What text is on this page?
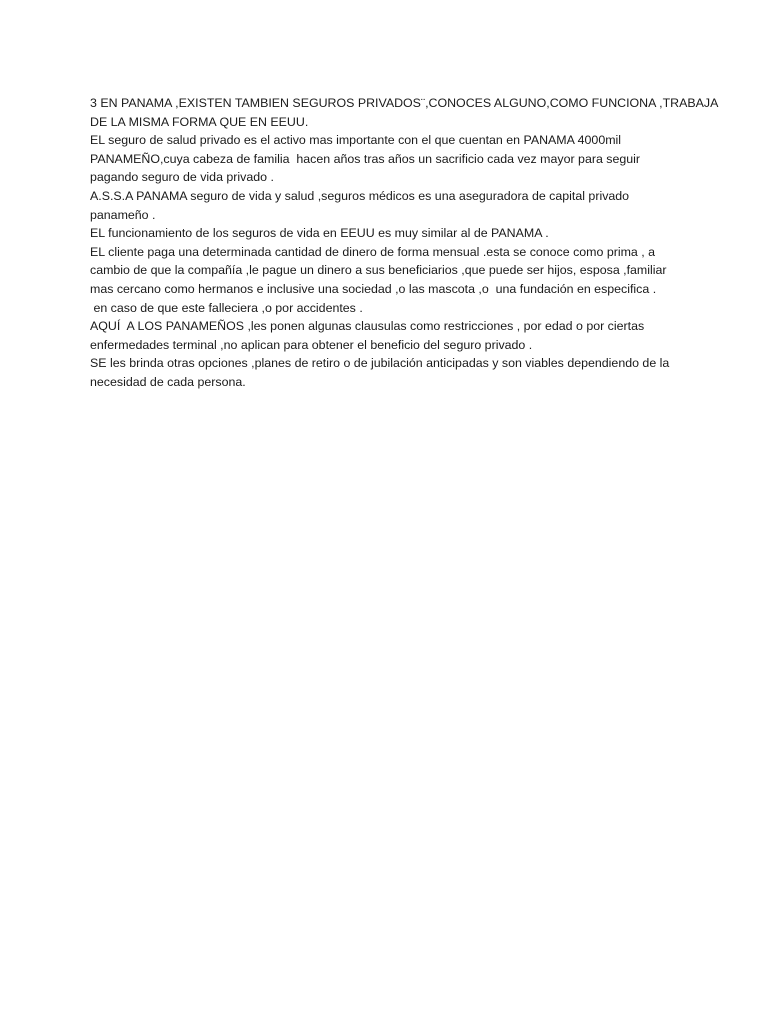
3 EN PANAMA ,EXISTEN TAMBIEN SEGUROS PRIVADOS¨,CONOCES ALGUNO,COMO FUNCIONA ,TRABAJA
DE LA MISMA FORMA QUE EN EEUU.
EL seguro de salud privado es el activo mas importante con el que cuentan en PANAMA 4000mil
PANAMEÑO,cuya cabeza de familia  hacen años tras años un sacrificio cada vez mayor para seguir
pagando seguro de vida privado .
A.S.S.A PANAMA seguro de vida y salud ,seguros médicos es una aseguradora de capital privado
panameño .
EL funcionamiento de los seguros de vida en EEUU es muy similar al de PANAMA .
EL cliente paga una determinada cantidad de dinero de forma mensual .esta se conoce como prima , a
cambio de que la compañía ,le pague un dinero a sus beneficiarios ,que puede ser hijos, esposa ,familiar
mas cercano como hermanos e inclusive una sociedad ,o las mascota ,o  una fundación en especifica .
en caso de que este falleciera ,o por accidentes .
AQUÍ  A LOS PANAMEÑOS ,les ponen algunas clausulas como restricciones , por edad o por ciertas
enfermedades terminal ,no aplican para obtener el beneficio del seguro privado .
SE les brinda otras opciones ,planes de retiro o de jubilación anticipadas y son viables dependiendo de la
necesidad de cada persona.
